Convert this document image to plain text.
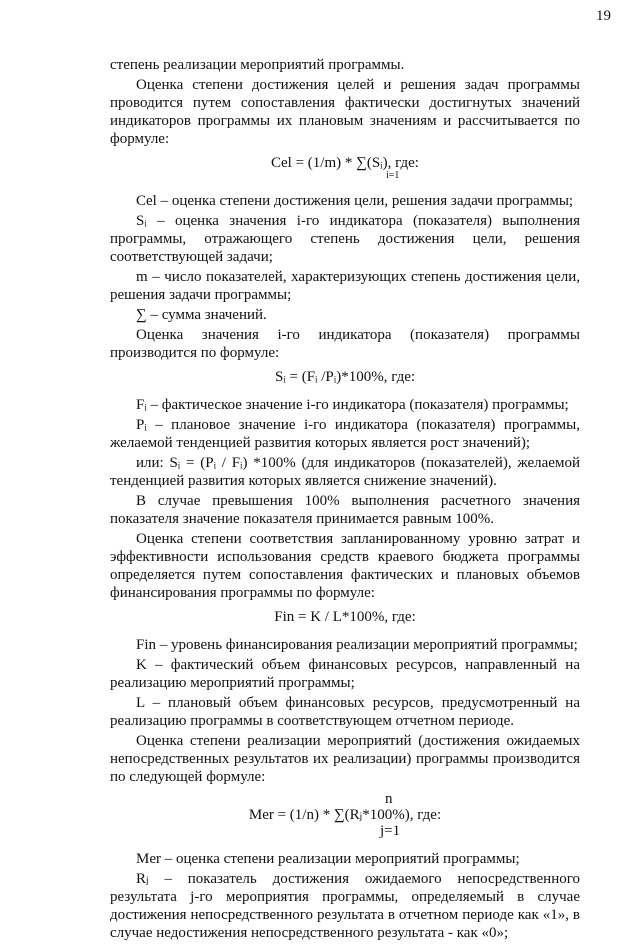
19

степень реализации мероприятий программы.

Оценка степени достижения целей и решения задач программы проводится путем сопоставления фактически достигнутых значений индикаторов программы их плановым значениям и рассчитывается по формуле:

Cel = (1/m) * ∑(Sᵢ), где:
i=1

Cel – оценка степени достижения цели, решения задачи программы;

Sᵢ – оценка значения i-го индикатора (показателя) выполнения программы, отражающего степень достижения цели, решения соответствующей задачи;

m – число показателей, характеризующих степень достижения цели, решения задачи программы;

∑ – сумма значений.

Оценка значения i-го индикатора (показателя) программы производится по формуле:

Sᵢ = (Fᵢ /Pᵢ)*100%, где:

Fᵢ – фактическое значение i-го индикатора (показателя) программы;

Pᵢ – плановое значение i-го индикатора (показателя) программы, желаемой тенденцией развития которых является рост значений);

или: Sᵢ = (Pᵢ / Fᵢ) *100% (для индикаторов (показателей), желаемой тенденцией развития которых является снижение значений).

В случае превышения 100% выполнения расчетного значения показателя значение показателя принимается равным 100%.

Оценка степени соответствия запланированному уровню затрат и эффективности использования средств краевого бюджета программы определяется путем сопоставления фактических и плановых объемов финансирования программы по формуле:

Fin = K / L*100%, где:

Fin – уровень финансирования реализации мероприятий программы;

K – фактический объем финансовых ресурсов, направленный на реализацию мероприятий программы;

L – плановый объем финансовых ресурсов, предусмотренный на реализацию программы в соответствующем отчетном периоде.

Оценка степени реализации мероприятий (достижения ожидаемых непосредственных результатов их реализации) программы производится по следующей формуле:

n
Mer = (1/n) * ∑(Rⱼ*100%), где:
j=1

Mer – оценка степени реализации мероприятий программы;

Rⱼ – показатель достижения ожидаемого непосредственного результата j-го мероприятия программы, определяемый в случае достижения непосредственного результата в отчетном периоде как «1», в случае недостижения непосредственного результата - как «0»;
